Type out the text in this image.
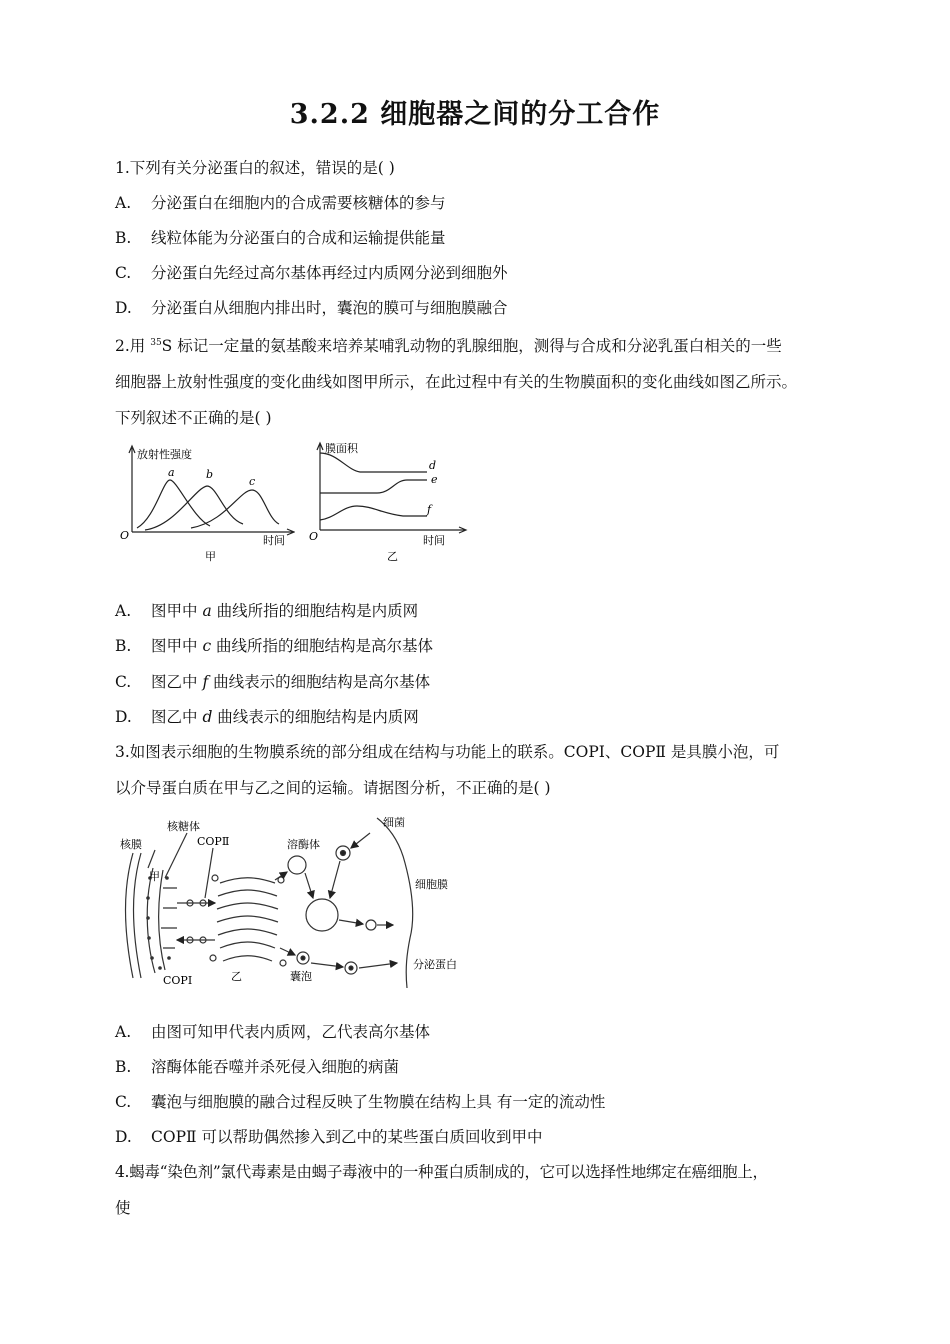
3.2.2 细胞器之间的分工合作
1.下列有关分泌蛋白的叙述，错误的是( )
A. 分泌蛋白在细胞内的合成需要核糖体的参与
B. 线粒体能为分泌蛋白的合成和运输提供能量
C. 分泌蛋白先经过高尔基体再经过内质网分泌到细胞外
D. 分泌蛋白从细胞内排出时，囊泡的膜可与细胞膜融合
2.用 $^{35}$S 标记一定量的氨基酸来培养某哺乳动物的乳腺细胞，测得与合成和分泌乳蛋白相关的一些
细胞器上放射性强度的变化曲线如图甲所示，在此过程中有关的生物膜面积的变化曲线如图乙所示。
下列叙述不正确的是( )
放射性强度
a	b
c
O	时间
甲
膜面积
d
e
f
O	时间
乙
A. 图甲中 a 曲线所指的细胞结构是内质网
B. 图甲中 c 曲线所指的细胞结构是高尔基体
C. 图乙中 f 曲线表示的细胞结构是高尔基体
D. 图乙中 d 曲线表示的细胞结构是内质网
3.如图表示细胞的生物膜系统的部分组成在结构与功能上的联系。COPⅠ、COPⅡ 是具膜小泡，可
以介导蛋白质在甲与乙之间的运输。请据图分析，不正确的是( )
核膜
核糖体
COPⅡ
甲
COPⅠ	乙
溶酶体
细菌
细胞膜
囊泡
分泌蛋白
A. 由图可知甲代表内质网，乙代表高尔基体
B. 溶酶体能吞噬并杀死侵入细胞的病菌
C. 囊泡与细胞膜的融合过程反映了生物膜在结构上具 有一定的流动性
D. COPⅡ 可以帮助偶然掺入到乙中的某些蛋白质回收到甲中
4.蝎毒“染色剂”氯代毒素是由蝎子毒液中的一种蛋白质制成的，它可以选择性地绑定在癌细胞上，
使
